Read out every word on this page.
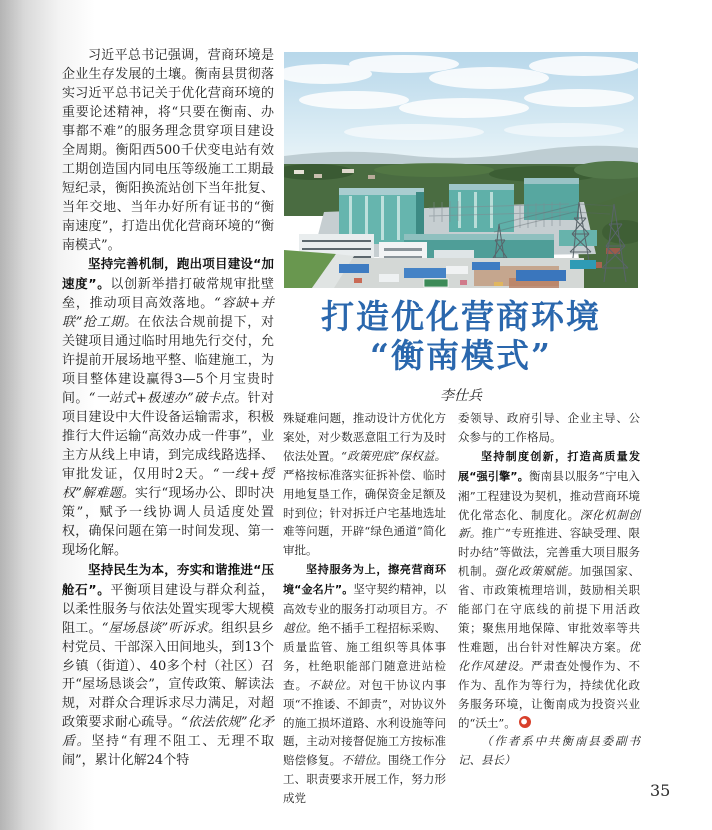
打造优化营商环境
“衡南模式”
李仕兵

习近平总书记强调，营商环境是企业生存发展的土壤。衡南县贯彻落实习近平总书记关于优化营商环境的重要论述精神，将“只要在衡南、办事都不难”的服务理念贯穿项目建设全周期。衡阳西500千伏变电站有效工期创造国内同电压等级施工工期最短纪录，衡阳换流站创下当年批复、当年交地、当年办好所有证书的“衡南速度”，打造出优化营商环境的“衡南模式”。

坚持完善机制，跑出项目建设“加速度”。以创新举措打破常规审批壁垒，推动项目高效落地。“容缺+并联”抢工期。在依法合规前提下，对关键项目通过临时用地先行交付，允许提前开展场地平整、临建施工，为项目整体建设赢得3—5个月宝贵时间。“一站式+极速办”破卡点。针对项目建设中大件设备运输需求，积极推行大件运输“高效办成一件事”，业主方从线上申请，到完成线路选择、审批发证，仅用时2天。“一线+授权”解难题。实行“现场办公、即时决策”，赋予一线协调人员适度处置权，确保问题在第一时间发现、第一现场化解。

坚持民生为本，夯实和谐推进“压舱石”。平衡项目建设与群众利益，以柔性服务与依法处置实现零大规模阻工。“屋场恳谈”听诉求。组织县乡村党员、干部深入田间地头，到13个乡镇（街道）、40多个村（社区）召开“屋场恳谈会”，宣传政策、解读法规，对群众合理诉求尽力满足，对超政策要求耐心疏导。“依法依规”化矛盾。坚持“有理不阻工、无理不取闹”，累计化解24个特

殊疑难问题，推动设计方优化方案处，对少数恶意阻工行为及时依法处置。“政策兜底”保权益。严格按标准落实征拆补偿、临时用地复垦工作，确保资金足额及时到位；针对拆迁户宅基地选址难等问题，开辟“绿色通道”简化审批。

坚持服务为上，擦亮营商环境“金名片”。坚守契约精神，以高效专业的服务打动项目方。不越位。绝不插手工程招标采购、质量监管、施工组织等具体事务，杜绝职能部门随意进站检查。不缺位。对包干协议内事项“不推诿、不卸责”，对协议外的施工损坏道路、水利设施等问题，主动对接督促施工方按标准赔偿修复。不错位。围绕工作分工、职责要求开展工作，努力形成党

委领导、政府引导、企业主导、公众参与的工作格局。

坚持制度创新，打造高质量发展“强引擎”。衡南县以服务“宁电入湘”工程建设为契机，推动营商环境优化常态化、制度化。深化机制创新。推广“专班推进、容缺受理、限时办结”等做法，完善重大项目服务机制。强化政策赋能。加强国家、省、市政策梳理培训，鼓励相关职能部门在守底线的前提下用活政策；聚焦用地保障、审批效率等共性难题，出台针对性解决方案。优化作风建设。严肃查处慢作为、不作为、乱作为等行为，持续优化政务服务环境，让衡南成为投资兴业的“沃土”。

（作者系中共衡南县委副书记、县长）

35
